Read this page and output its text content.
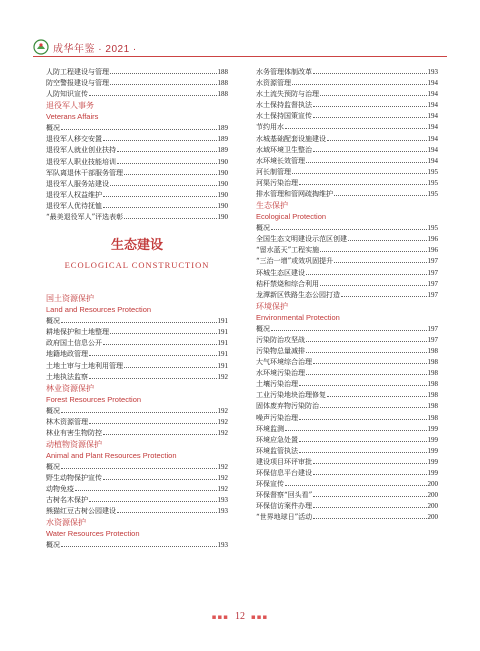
成华年鉴 · 2021 ·
人防工程建设与管理	188
防空警报建设与管理	188
人防知识宣传	188
退役军人事务
Veterans Affairs
概况	189
退役军人移交安置	189
退役军人就业创业扶持	189
退役军人职业技能培训	190
军队离退休干部服务管理	190
退役军人服务站建设	190
退役军人权益维护	190
退役军人优待抚恤	190
“最美退役军人”评选表彰	190
生态建设
ECOLOGICAL CONSTRUCTION
国土资源保护
Land and Resources Protection
概况	191
耕地保护和土地整理	191
政府国土信息公开	191
地籍地政管理	191
土地土审与土地利用管理	191
土地执法监察	192
林业资源保护
Forest Resources Protection
概况	192
林木资源管理	192
林业有害生物防控	192
动植物资源保护
Animal and Plant Resources Protection
概况	192
野生动物保护宣传	192
动物免疫	192
古树名木保护	193
熊猫红豆古树公园建设	193
水资源保护
Water Resources Protection
概况	193
水务管理体制改革	193
水资源管理	194
水土流失预防与治理	194
水土保持监督执法	194
水土保持国策宣传	194
节约用水	194
水城基础配套设施建设	194
水域环境卫生整治	194
水环境长效管理	194
河长制管理	195
河渠污染治理	195
排水管理和管网疏掏维护	195
生态保护
Ecological Protection
概况	195
全国生态文明建设示范区创建	196
“留水蓝天”工程实施	196
“三治一增”或效巩固提升	197
环城生态区建设	197
秸秆禁烧和综合利用	197
龙潭新区铁路生态公园打造	197
环境保护
Environmental Protection
概况	197
污染防治攻坚战	197
污染物总量减排	198
大气环境综合治理	198
水环境污染治理	198
土壤污染治理	198
工业污染地块治理修复	198
固体废弃物污染防治	198
噪声污染治理	198
环境监测	199
环境应急处置	199
环境监管执法	199
建设项目环评审批	199
环保信息平台建设	199
环保宣传	200
环保督察“回头看”	200
环保信访案件办理	200
“世界地球日”活动	200
▪▪▪ 12 ▪▪▪
